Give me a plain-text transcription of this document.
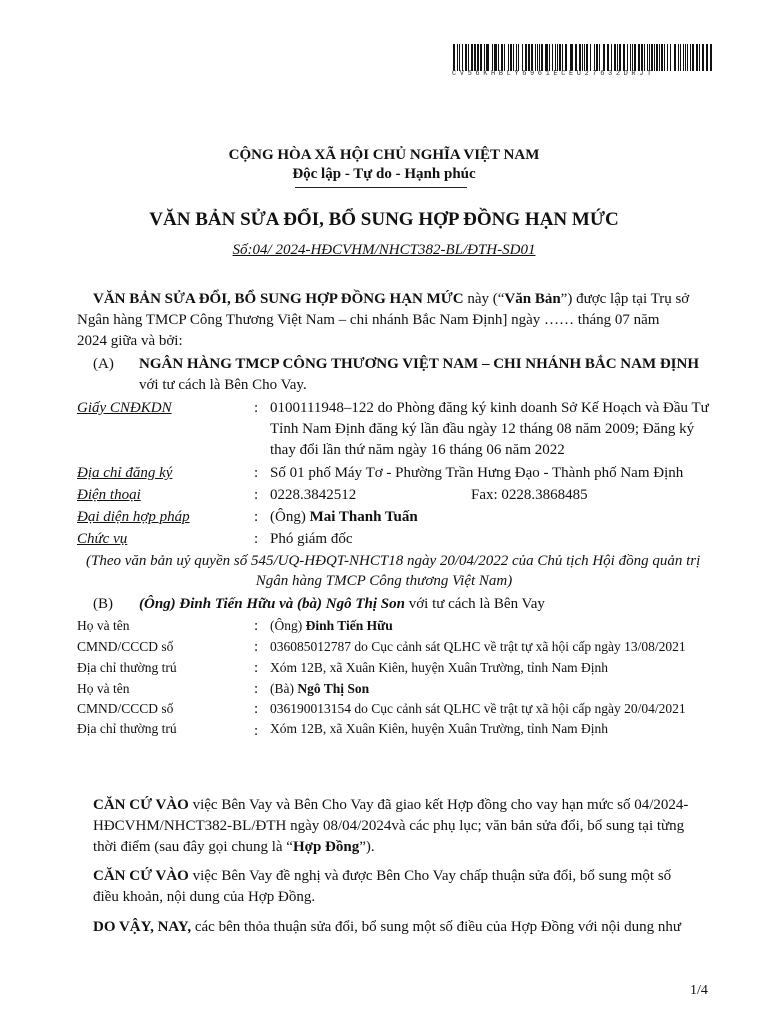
CV56KHBLY6961ECEU27632DRJT
CỘNG HÒA XÃ HỘI CHỦ NGHĨA VIỆT NAM
Độc lập - Tự do - Hạnh phúc
VĂN BẢN SỬA ĐỔI, BỔ SUNG HỢP ĐỒNG HẠN MỨC
Số:04/ 2024-HĐCVHM/NHCT382-BL/ĐTH-SD01
VĂN BẢN SỬA ĐỔI, BỔ SUNG HỢP ĐỒNG HẠN MỨC này (“Văn Bản”) được lập tại Trụ sở
Ngân hàng TMCP Công Thương Việt Nam – chi nhánh Bắc Nam Định] ngày …… tháng 07 năm
2024 giữa và bởi:
(A) NGÂN HÀNG TMCP CÔNG THƯƠNG VIỆT NAM – CHI NHÁNH BẮC NAM ĐỊNH
với tư cách là Bên Cho Vay.
Giấy CNĐKDN	: 0100111948–122 do Phòng đăng ký kinh doanh Sở Kế Hoạch và Đầu Tư
Tỉnh Nam Định đăng ký lần đầu ngày 12 tháng 08 năm 2009; Đăng ký
thay đổi lần thứ năm ngày 16 tháng 06 năm 2022
Địa chỉ đăng ký	: Số 01 phố Máy Tơ - Phường Trần Hưng Đạo - Thành phố Nam Định
Điện thoại	: 0228.3842512	Fax: 0228.3868485
Đại diện hợp pháp	: (Ông) Mai Thanh Tuấn
Chức vụ	: Phó giám đốc
(Theo văn bản uỷ quyền số 545/UQ-HĐQT-NHCT18 ngày 20/04/2022 của Chủ tịch Hội đồng quản trị
Ngân hàng TMCP Công thương Việt Nam)
(B) (Ông) Đinh Tiến Hữu và (bà) Ngô Thị Son với tư cách là Bên Vay
Họ và tên	: (Ông) Đinh Tiến Hữu
CMND/CCCD số	: 036085012787 do Cục cảnh sát QLHC về trật tự xã hội cấp ngày 13/08/2021
Địa chỉ thường trú	: Xóm 12B, xã Xuân Kiên, huyện Xuân Trường, tỉnh Nam Định
Họ và tên	: (Bà) Ngô Thị Son
CMND/CCCD số	: 036190013154 do Cục cảnh sát QLHC về trật tự xã hội cấp ngày 20/04/2021
Địa chỉ thường trú	: Xóm 12B, xã Xuân Kiên, huyện Xuân Trường, tỉnh Nam Định
CĂN CỨ VÀO việc Bên Vay và Bên Cho Vay đã giao kết Hợp đồng cho vay hạn mức số 04/2024-
HĐCVHM/NHCT382-BL/ĐTH ngày 08/04/2024và các phụ lục; văn bản sửa đổi, bổ sung tại từng
thời điểm (sau đây gọi chung là “Hợp Đồng”).
CĂN CỨ VÀO việc Bên Vay đề nghị và được Bên Cho Vay chấp thuận sửa đổi, bổ sung một số
điều khoản, nội dung của Hợp Đồng.
DO VẬY, NAY, các bên thỏa thuận sửa đổi, bổ sung một số điều của Hợp Đồng với nội dung như
1/4
